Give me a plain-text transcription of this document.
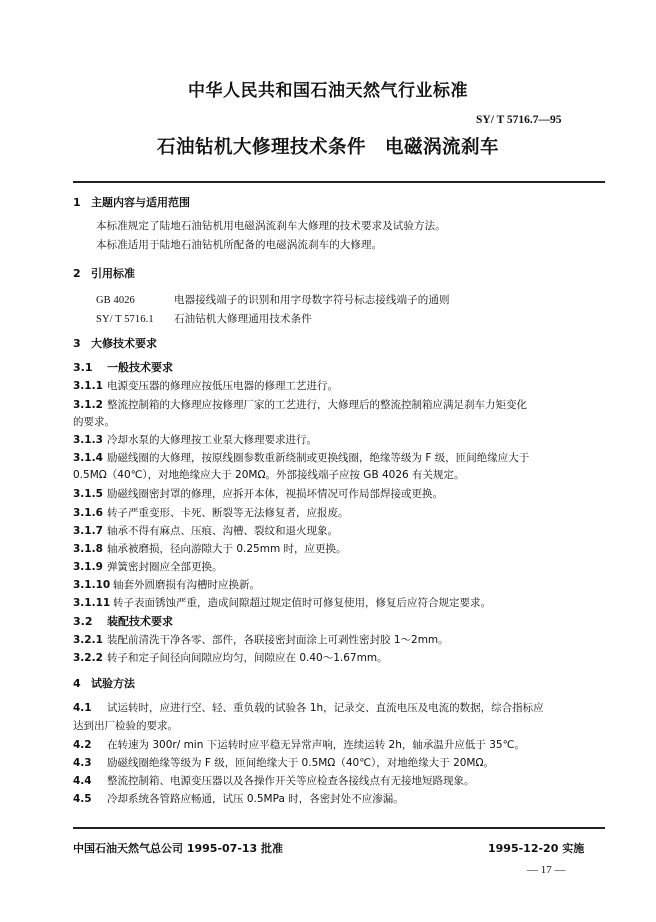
中华人民共和国石油天然气行业标准
SY/ T 5716.7—95
石油钻机大修理技术条件　电磁涡流刹车
1 主题内容与适用范围
本标准规定了陆地石油钻机用电磁涡流刹车大修理的技术要求及试验方法。
本标准适用于陆地石油钻机所配备的电磁涡流刹车的大修理。
2 引用标准
GB 4026	电器接线端子的识别和用字母数字符号标志接线端子的通则
SY/ T 5716.1 石油钻机大修理通用技术条件
3 大修技术要求
3.1 一般技术要求
3.1.1 电源变压器的修理应按低压电器的修理工艺进行。
3.1.2 整流控制箱的大修理应按修理厂家的工艺进行，大修理后的整流控制箱应满足刹车力矩变化
的要求。
3.1.3 冷却水泵的大修理按工业泵大修理要求进行。
3.1.4 励磁线圈的大修理，按原线圈参数重新绕制或更换线圈，绝缘等级为 F 级，匝间绝缘应大于
0.5MΩ（40℃），对地绝缘应大于 20MΩ。外部接线端子应按 GB 4026 有关规定。
3.1.5 励磁线圈密封罩的修理，应拆开本体，视损坏情况可作局部焊接或更换。
3.1.6 转子严重变形、卡死、断裂等无法修复者，应报废。
3.1.7 轴承不得有麻点、压痕、沟槽、裂纹和退火现象。
3.1.8 轴承被磨损，径向游隙大于 0.25mm 时，应更换。
3.1.9 弹簧密封圈应全部更换。
3.1.10 轴套外圆磨损有沟槽时应换新。
3.1.11 转子表面锈蚀严重，造成间隙超过规定值时可修复使用，修复后应符合规定要求。
3.2 装配技术要求
3.2.1 装配前清洗干净各零、部件，各联接密封面涂上可剥性密封胶 1～2mm。
3.2.2 转子和定子间径向间隙应均匀，间隙应在 0.40～1.67mm。
4 试验方法
4.1 试运转时，应进行空、轻、重负载的试验各 1h，记录交、直流电压及电流的数据，综合指标应
达到出厂检验的要求。
4.2 在转速为 300r/ min 下运转时应平稳无异常声响，连续运转 2h，轴承温升应低于 35℃。
4.3 励磁线圈绝缘等级为 F 级，匝间绝缘大于 0.5MΩ（40℃），对地绝缘大于 20MΩ。
4.4 整流控制箱、电源变压器以及各操作开关等应检查各接线点有无接地短路现象。
4.5 冷却系统各管路应畅通，试压 0.5MPa 时，各密封处不应渗漏。
中国石油天然气总公司 1995-07-13 批准	1995-12-20 实施
— 17 —
